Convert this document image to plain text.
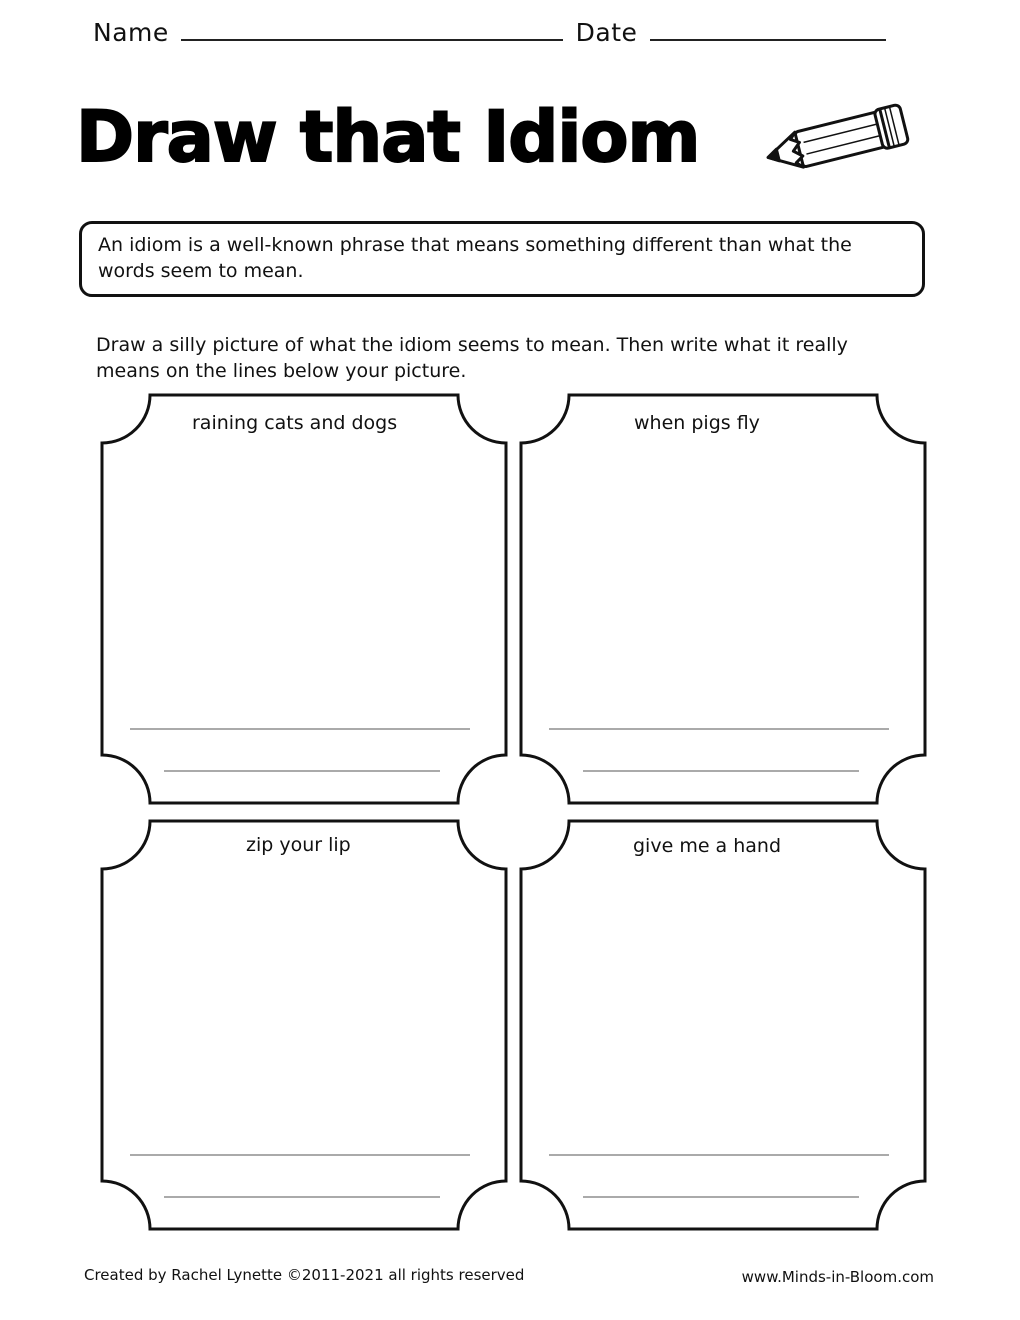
Name	Date
Draw that Idiom
An idiom is a well-known phrase that means something different than what the words seem to mean.
Draw a silly picture of what the idiom seems to mean. Then write what it really means on the lines below your picture.
raining cats and dogs	when pigs fly
zip your lip	give me a hand
Created by Rachel Lynette ©2011-2021 all rights reserved	www.Minds-in-Bloom.com
